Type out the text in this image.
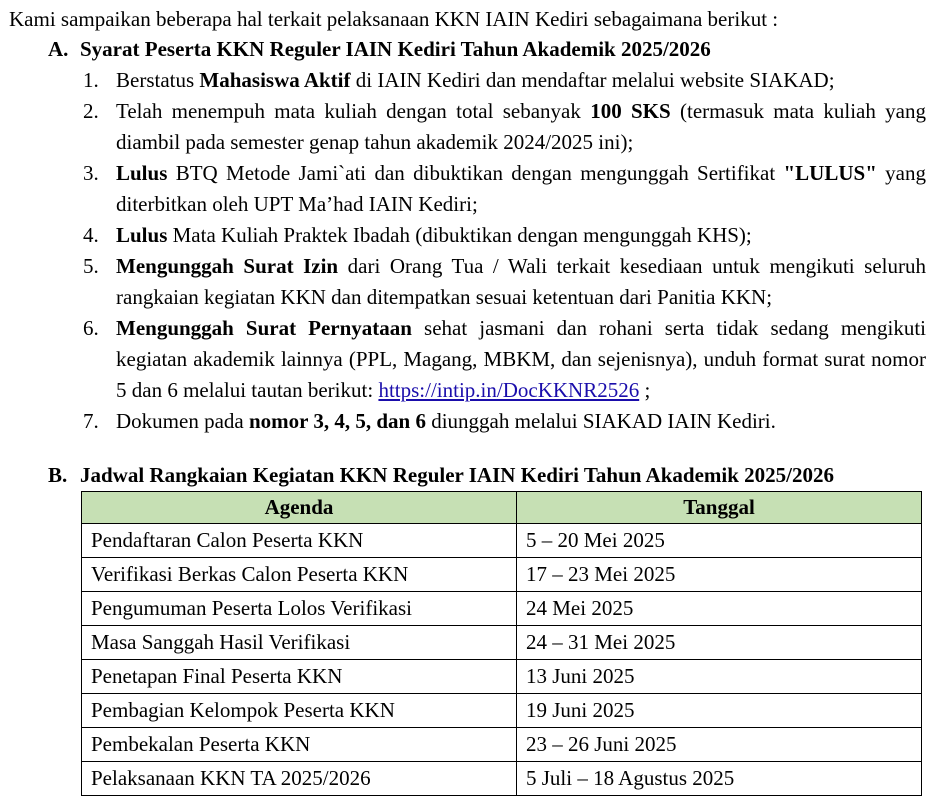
Kami sampaikan beberapa hal terkait pelaksanaan KKN IAIN Kediri sebagaimana berikut :
A. Syarat Peserta KKN Reguler IAIN Kediri Tahun Akademik 2025/2026
1. Berstatus Mahasiswa Aktif di IAIN Kediri dan mendaftar melalui website SIAKAD;
2. Telah menempuh mata kuliah dengan total sebanyak 100 SKS (termasuk mata kuliah yang diambil pada semester genap tahun akademik 2024/2025 ini);
3. Lulus BTQ Metode Jami`ati dan dibuktikan dengan mengunggah Sertifikat "LULUS" yang diterbitkan oleh UPT Ma’had IAIN Kediri;
4. Lulus Mata Kuliah Praktek Ibadah (dibuktikan dengan mengunggah KHS);
5. Mengunggah Surat Izin dari Orang Tua / Wali terkait kesediaan untuk mengikuti seluruh rangkaian kegiatan KKN dan ditempatkan sesuai ketentuan dari Panitia KKN;
6. Mengunggah Surat Pernyataan sehat jasmani dan rohani serta tidak sedang mengikuti kegiatan akademik lainnya (PPL, Magang, MBKM, dan sejenisnya), unduh format surat nomor 5 dan 6 melalui tautan berikut: https://intip.in/DocKKNR2526 ;
7. Dokumen pada nomor 3, 4, 5, dan 6 diunggah melalui SIAKAD IAIN Kediri.
B. Jadwal Rangkaian Kegiatan KKN Reguler IAIN Kediri Tahun Akademik 2025/2026
Agenda	Tanggal
Pendaftaran Calon Peserta KKN	5 – 20 Mei 2025
Verifikasi Berkas Calon Peserta KKN	17 – 23 Mei 2025
Pengumuman Peserta Lolos Verifikasi	24 Mei 2025
Masa Sanggah Hasil Verifikasi	24 – 31 Mei 2025
Penetapan Final Peserta KKN	13 Juni 2025
Pembagian Kelompok Peserta KKN	19 Juni 2025
Pembekalan Peserta KKN	23 – 26 Juni 2025
Pelaksanaan KKN TA 2025/2026	5 Juli – 18 Agustus 2025
